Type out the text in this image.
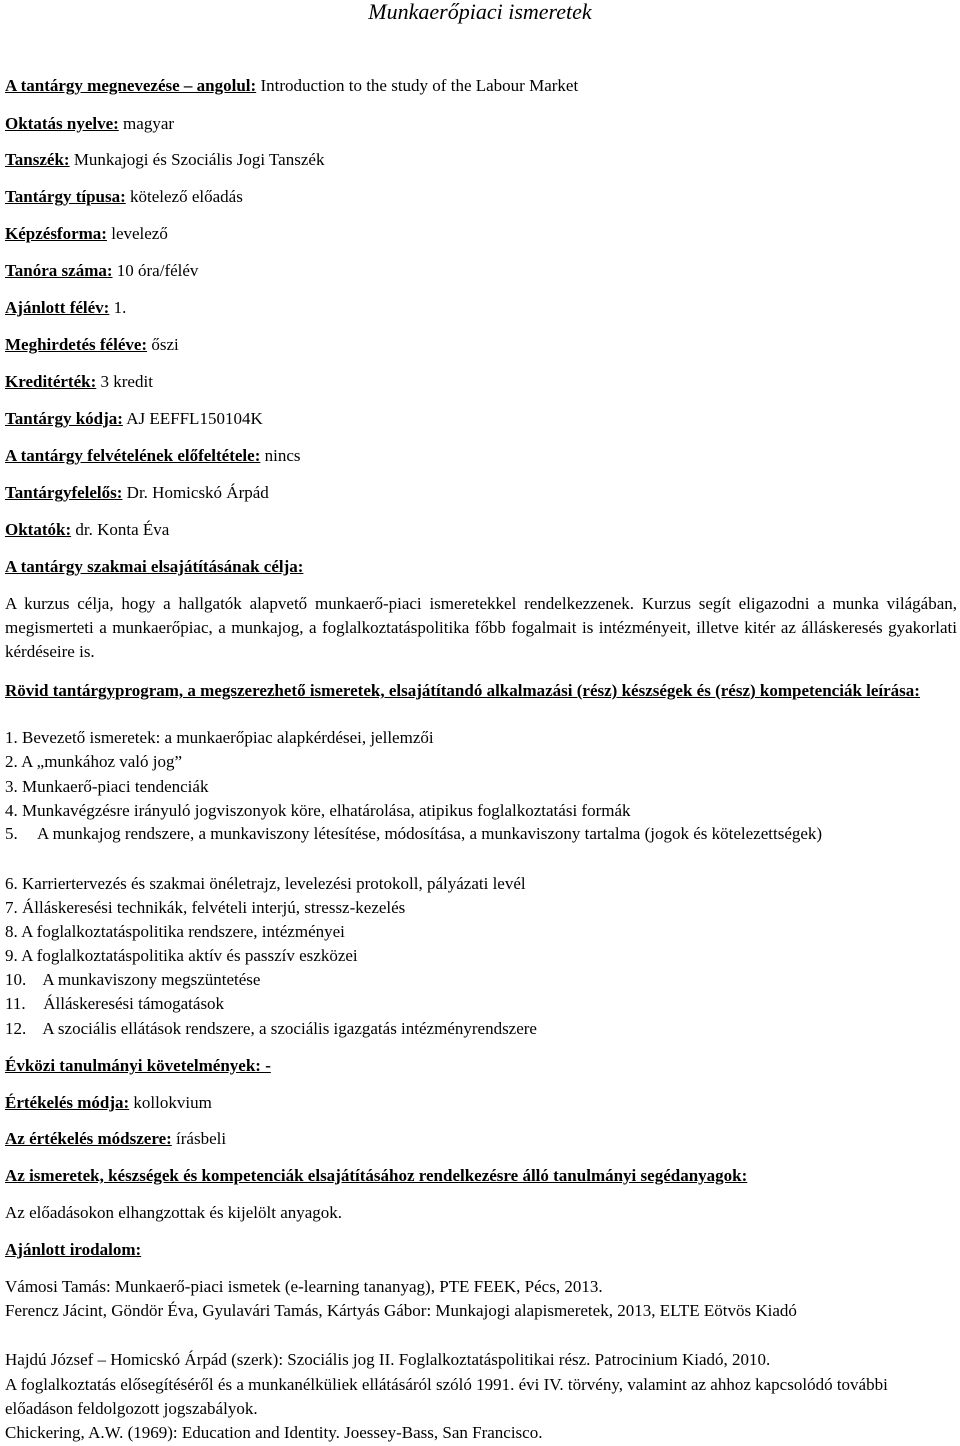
Munkaerőpiaci ismeretek
A tantárgy megnevezése – angolul: Introduction to the study of the Labour Market
Oktatás nyelve: magyar
Tanszék: Munkajogi és Szociális Jogi Tanszék
Tantárgy típusa: kötelező előadás
Képzésforma: levelező
Tanóra száma: 10 óra/félév
Ajánlott félév: 1.
Meghirdetés féléve: őszi
Kreditérték: 3 kredit
Tantárgy kódja: AJ EEFFL150104K
A tantárgy felvételének előfeltétele: nincs
Tantárgyfelelős: Dr. Homicskó Árpád
Oktatók: dr. Konta Éva
A tantárgy szakmai elsajátításának célja:
A kurzus célja, hogy a hallgatók alapvető munkaerő-piaci ismeretekkel rendelkezzenek. Kurzus segít eligazodni a munka világában, megismerteti a munkaerőpiac, a munkajog, a foglalkoztatáspolitika főbb fogalmait is intézményeit, illetve kitér az álláskeresés gyakorlati kérdéseire is.
Rövid tantárgyprogram, a megszerezhető ismeretek, elsajátítandó alkalmazási (rész) készségek és (rész) kompetenciák leírása:
1. Bevezető ismeretek: a munkaerőpiac alapkérdései, jellemzői
2. A „munkához való jog”
3. Munkaerő-piaci tendenciák
4. Munkavégzésre irányuló jogviszonyok köre, elhatárolása, atipikus foglalkoztatási formák
5. A munkajog rendszere, a munkaviszony létesítése, módosítása, a munkaviszony tartalma (jogok és kötelezettségek)
6. Karriertervezés és szakmai önéletrajz, levelezési protokoll, pályázati levél
7. Álláskeresési technikák, felvételi interjú, stressz-kezelés
8. A foglalkoztatáspolitika rendszere, intézményei
9. A foglalkoztatáspolitika aktív és passzív eszközei
10. A munkaviszony megszüntetése
11. Álláskeresési támogatások
12. A szociális ellátások rendszere, a szociális igazgatás intézményrendszere
Évközi tanulmányi követelmények: -
Értékelés módja: kollokvium
Az értékelés módszere: írásbeli
Az ismeretek, készségek és kompetenciák elsajátításához rendelkezésre álló tanulmányi segédanyagok:
Az előadásokon elhangzottak és kijelölt anyagok.
Ajánlott irodalom:
Vámosi Tamás: Munkaerő-piaci ismetek (e-learning tananyag), PTE FEEK, Pécs, 2013.
Ferencz Jácint, Göndör Éva, Gyulavári Tamás, Kártyás Gábor: Munkajogi alapismeretek, 2013, ELTE Eötvös Kiadó
Hajdú József – Homicskó Árpád (szerk): Szociális jog II. Foglalkoztatáspolitikai rész. Patrocinium Kiadó, 2010.
A foglalkoztatás elősegítéséről és a munkanélküliek ellátásáról szóló 1991. évi IV. törvény, valamint az ahhoz kapcsolódó további előadáson feldolgozott jogszabályok.
Chickering, A.W. (1969): Education and Identity. Joessey-Bass, San Francisco.
